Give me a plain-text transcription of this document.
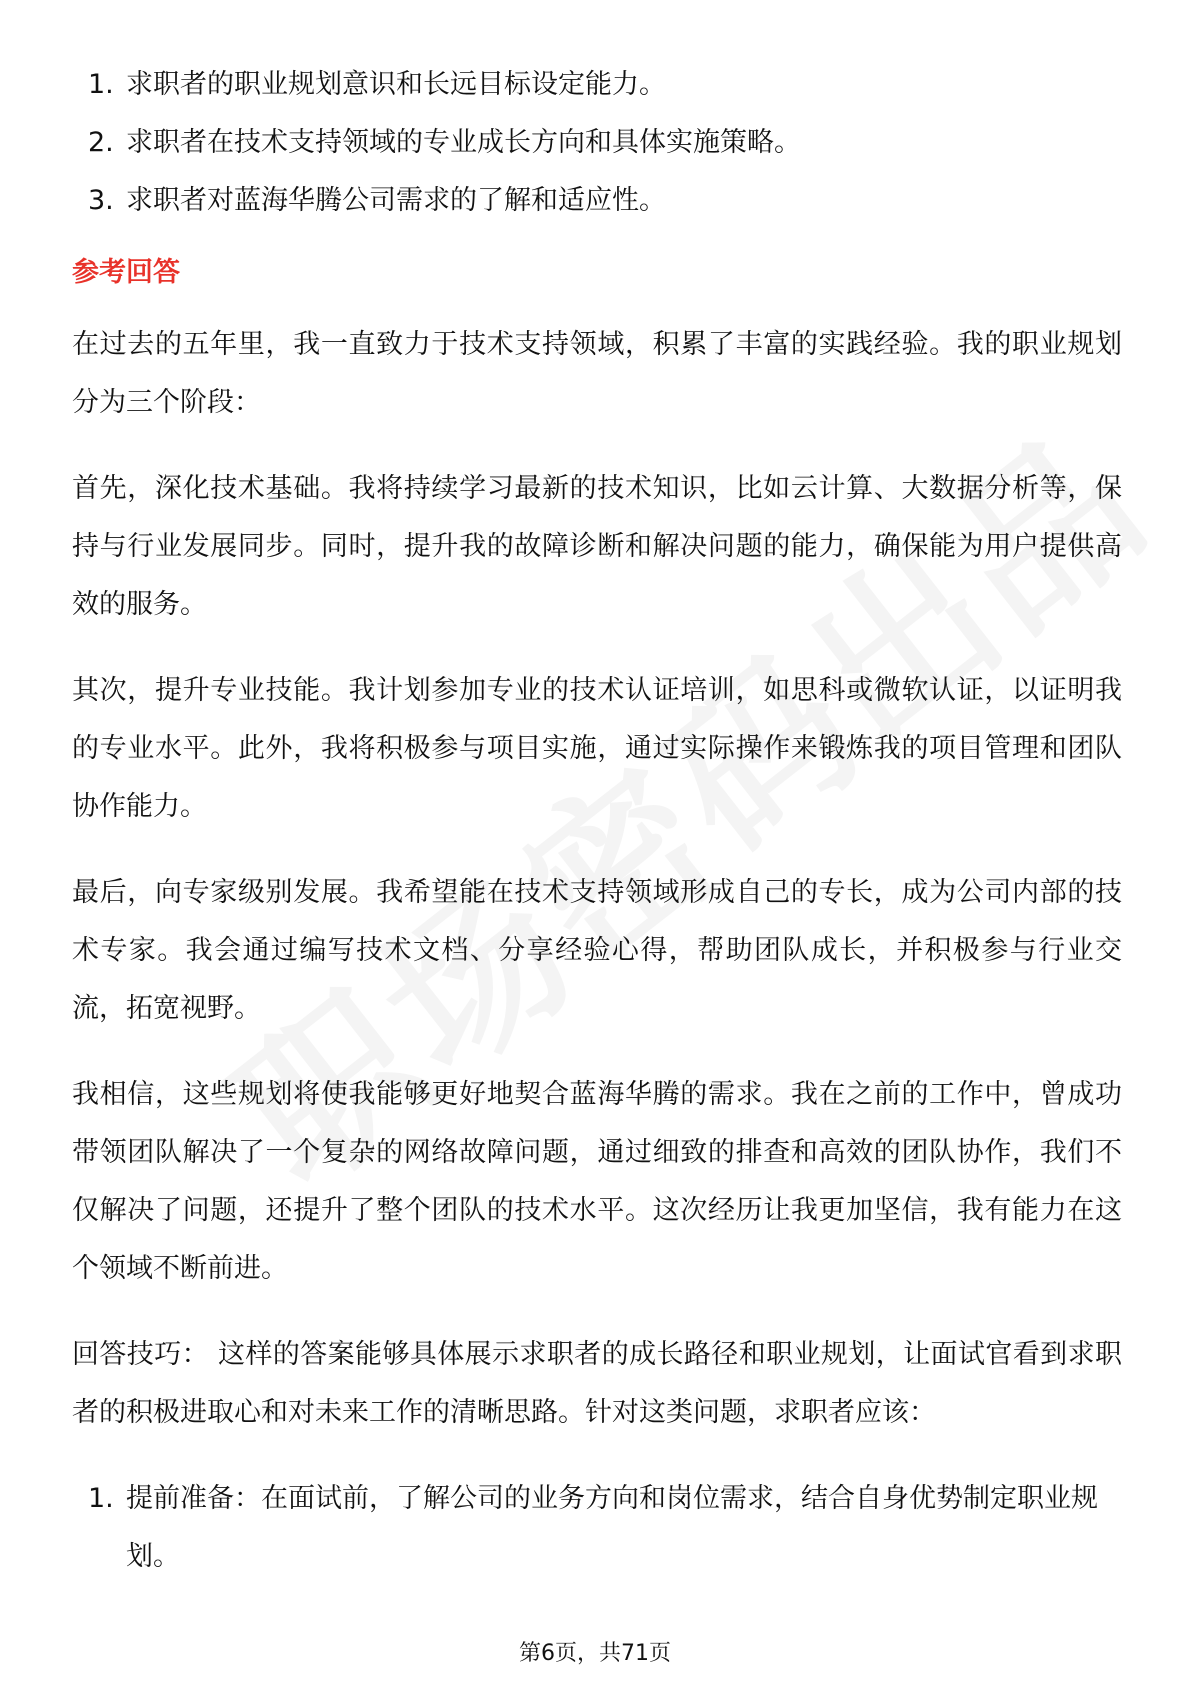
1. 求职者的职业规划意识和长远目标设定能力。
2. 求职者在技术支持领域的专业成长方向和具体实施策略。
3. 求职者对蓝海华腾公司需求的了解和适应性。
参考回答

在过去的五年里，我一直致力于技术支持领域，积累了丰富的实践经验。我的职业规划分为三个阶段：

首先，深化技术基础。我将持续学习最新的技术知识，比如云计算、大数据分析等，保持与行业发展同步。同时，提升我的故障诊断和解决问题的能力，确保能为用户提供高效的服务。

其次，提升专业技能。我计划参加专业的技术认证培训，如思科或微软认证，以证明我的专业水平。此外，我将积极参与项目实施，通过实际操作来锻炼我的项目管理和团队协作能力。

最后，向专家级别发展。我希望能在技术支持领域形成自己的专长，成为公司内部的技术专家。我会通过编写技术文档、分享经验心得，帮助团队成长，并积极参与行业交流，拓宽视野。

我相信，这些规划将使我能够更好地契合蓝海华腾的需求。我在之前的工作中，曾成功带领团队解决了一个复杂的网络故障问题，通过细致的排查和高效的团队协作，我们不仅解决了问题，还提升了整个团队的技术水平。这次经历让我更加坚信，我有能力在这个领域不断前进。

回答技巧： 这样的答案能够具体展示求职者的成长路径和职业规划，让面试官看到求职者的积极进取心和对未来工作的清晰思路。针对这类问题，求职者应该：

1. 提前准备：在面试前，了解公司的业务方向和岗位需求，结合自身优势制定职业规划。
第6页，共71页
